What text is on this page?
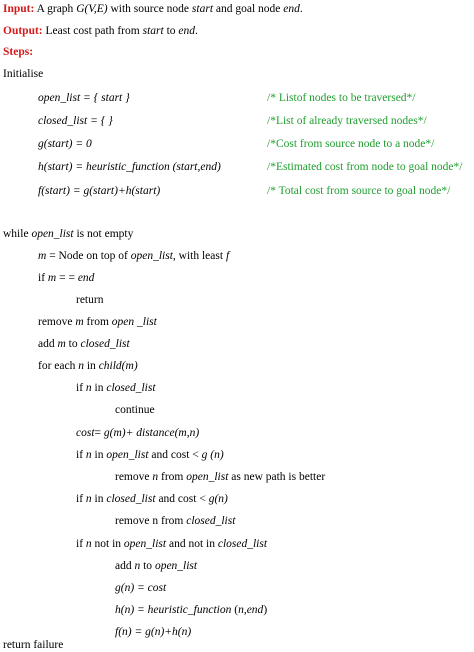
Input: A graph G(V,E) with source node start and goal node end.
Output: Least cost path from start to end.
Steps:
Initialise
open_list = { start }	/* Listof nodes to be traversed*/
closed_list = { }	/*List of already traversed nodes*/
g(start) = 0	/*Cost from source node to a node*/
h(start) = heuristic_function (start,end)	/*Estimated cost from node to goal node*/
f(start) = g(start)+h(start)	/* Total cost from source to goal node*/
while open_list is not empty
m = Node on top of open_list, with least f
if m = = end
return
remove m from open _list
add m to closed_list
for each n in child(m)
if n in closed_list
continue
cost= g(m)+ distance(m,n)
if n in open_list and cost < g (n)
remove n from open_list as new path is better
if n in closed_list and cost < g(n)
remove n from closed_list
if n not in open_list and not in closed_list
add n to open_list
g(n) = cost
h(n) = heuristic_function (n,end)
f(n) = g(n)+h(n)
return failure
